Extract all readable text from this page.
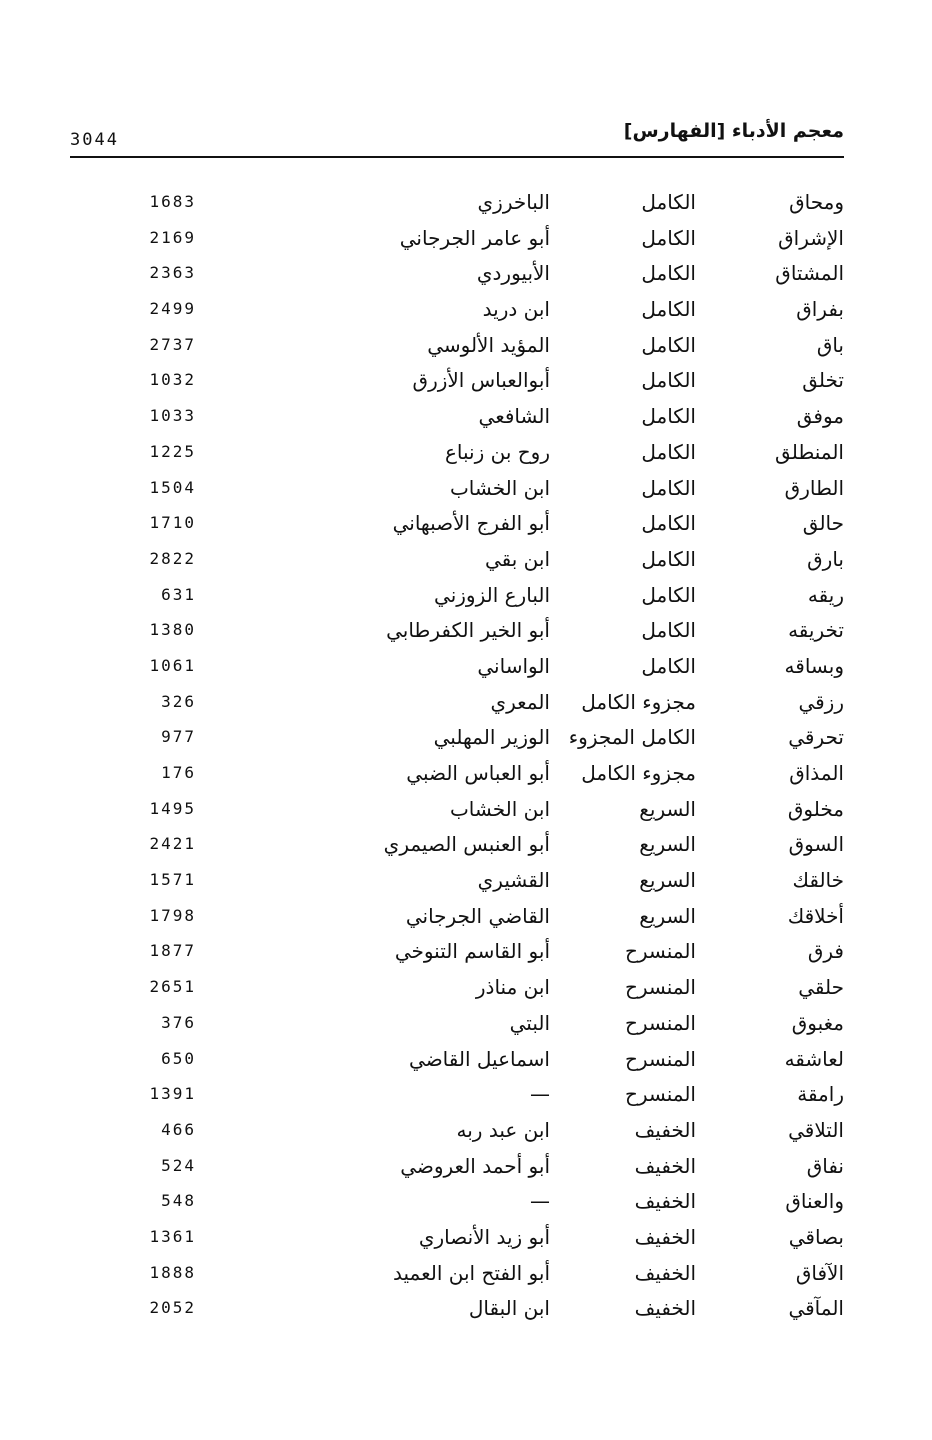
3044	معجم الأدباء [الفهارس]
ومحاق
الكامل
الباخرزي
1683
الإشراق
الكامل
أبو عامر الجرجاني
2169
المشتاق
الكامل
الأبيوردي
2363
بفراق
الكامل
ابن دريد
2499
باق
الكامل
المؤيد الألوسي
2737
تخلق
الكامل
أبوالعباس الأزرق
1032
موفق
الكامل
الشافعي
1033
المنطلق
الكامل
روح بن زنباع
1225
الطارق
الكامل
ابن الخشاب
1504
حالق
الكامل
أبو الفرج الأصبهاني
1710
بارق
الكامل
ابن بقي
2822
ريقه
الكامل
البارع الزوزني
631
تخريقه
الكامل
أبو الخير الكفرطابي
1380
وبساقه
الكامل
الواساني
1061
رزقي
مجزوء الكامل
المعري
326
تحرقي
الكامل المجزوء
الوزير المهلبي
977
المذاق
مجزوء الكامل
أبو العباس الضبي
176
مخلوق
السريع
ابن الخشاب
1495
السوق
السريع
أبو العنبس الصيمري
2421
خالقك
السريع
القشيري
1571
أخلاقك
السريع
القاضي الجرجاني
1798
فرق
المنسرح
أبو القاسم التنوخي
1877
حلقي
المنسرح
ابن مناذر
2651
مغبوق
المنسرح
البتي
376
لعاشقه
المنسرح
اسماعيل القاضي
650
رامقة
المنسرح
—
1391
التلاقي
الخفيف
ابن عبد ربه
466
نفاق
الخفيف
أبو أحمد العروضي
524
والعناق
الخفيف
—
548
بصاقي
الخفيف
أبو زيد الأنصاري
1361
الآفاق
الخفيف
أبو الفتح ابن العميد
1888
المآقي
الخفيف
ابن البقال
2052
